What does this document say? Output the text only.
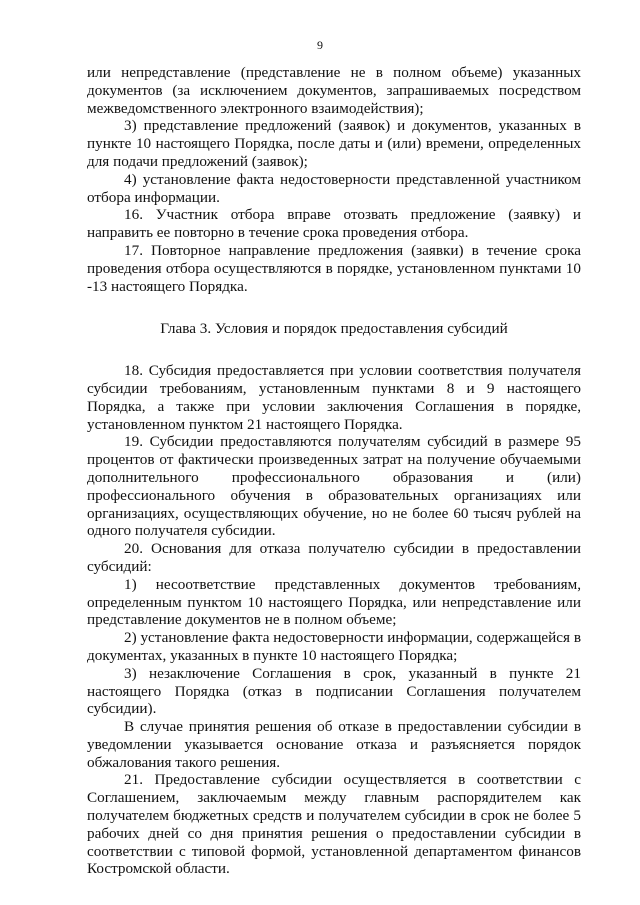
9

или непредставление (представление не в полном объеме) указанных документов (за исключением документов, запрашиваемых посредством межведомственного электронного взаимодействия);

3) представление предложений (заявок) и документов, указанных в пункте 10 настоящего Порядка, после даты и (или) времени, определенных для подачи предложений (заявок);

4) установление факта недостоверности представленной участником отбора информации.

16. Участник отбора вправе отозвать предложение (заявку) и направить ее повторно в течение срока проведения отбора.

17. Повторное направление предложения (заявки) в течение срока проведения отбора осуществляются в порядке, установленном пунктами 10 -13 настоящего Порядка.

Глава 3. Условия и порядок предоставления субсидий

18. Субсидия предоставляется при условии соответствия получателя субсидии требованиям, установленным пунктами 8 и 9 настоящего Порядка, а также при условии заключения Соглашения в порядке, установленном пунктом 21 настоящего Порядка.

19. Субсидии предоставляются получателям субсидий в размере 95 процентов от фактически произведенных затрат на получение обучаемыми дополнительного профессионального образования и (или) профессионального обучения в образовательных организациях или организациях, осуществляющих обучение, но не более 60 тысяч рублей на одного получателя субсидии.

20. Основания для отказа получателю субсидии в предоставлении субсидий:

1) несоответствие представленных документов требованиям, определенным пунктом 10 настоящего Порядка, или непредставление или представление документов не в полном объеме;

2) установление факта недостоверности информации, содержащейся в документах, указанных в пункте 10 настоящего Порядка;

3) незаключение Соглашения в срок, указанный в пункте 21 настоящего Порядка (отказ в подписании Соглашения получателем субсидии).

В случае принятия решения об отказе в предоставлении субсидии в уведомлении указывается основание отказа и разъясняется порядок обжалования такого решения.

21. Предоставление субсидии осуществляется в соответствии с Соглашением, заключаемым между главным распорядителем как получателем бюджетных средств и получателем субсидии в срок не более 5 рабочих дней со дня принятия решения о предоставлении субсидии в соответствии с типовой формой, установленной департаментом финансов Костромской области.
